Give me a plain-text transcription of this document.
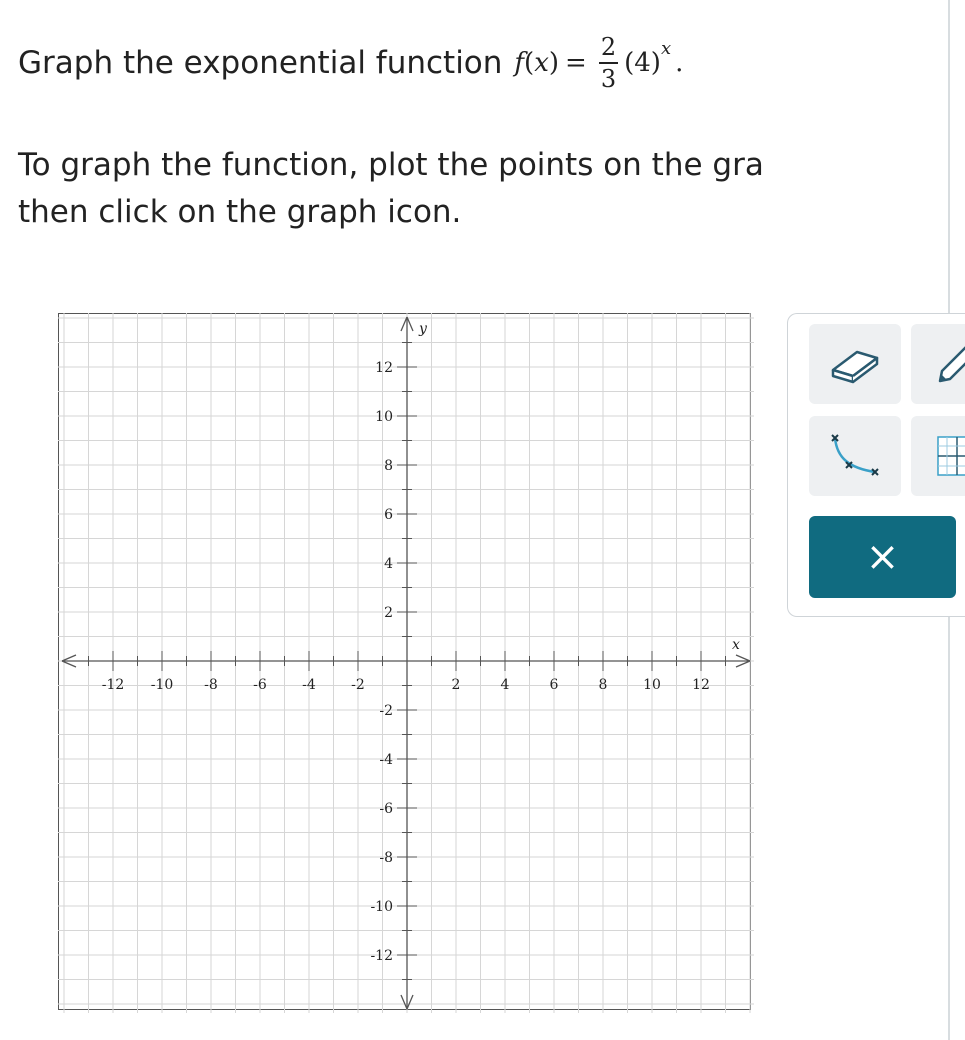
Graph the exponential function f ( x ) = $\frac{2}{3} (4)$ x .
To graph the function, plot the points on the gra
then click on the graph icon.
-12 -10 -8	-6	-4	-2	2	4	6	8	10 12
12
10
8
6
4
2
-2
-4
-6
-8
-10
-12
x
y
×
